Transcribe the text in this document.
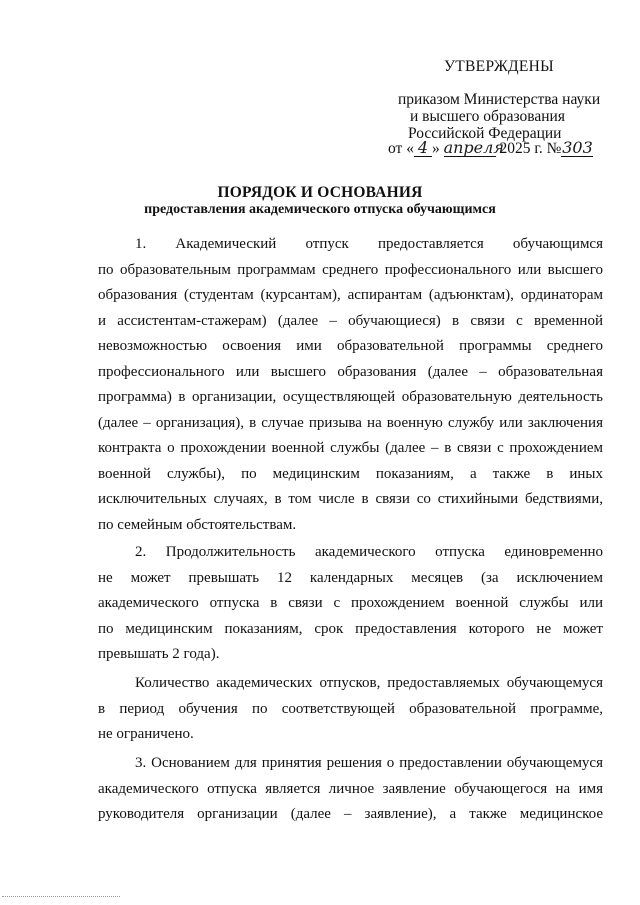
УТВЕРЖДЕНЫ
приказом Министерства науки
и высшего образования
Российской Федерации
от « 4 » апреля 2025 г. №303
ПОРЯДОК И ОСНОВАНИЯ
предоставления академического отпуска обучающимся
1. Академический отпуск предоставляется обучающимся
по образовательным программам среднего профессионального или высшего
образования (студентам (курсантам), аспирантам (адъюнктам), ординаторам
и ассистентам-стажерам) (далее – обучающиеся) в связи с временной
невозможностью освоения ими образовательной программы среднего
профессионального или высшего образования (далее – образовательная
программа) в организации, осуществляющей образовательную деятельность
(далее – организация), в случае призыва на военную службу или заключения
контракта о прохождении военной службы (далее – в связи с прохождением
военной службы), по медицинским показаниям, а также в иных
исключительных случаях, в том числе в связи со стихийными бедствиями,
по семейным обстоятельствам.
2. Продолжительность академического отпуска единовременно
не может превышать 12 календарных месяцев (за исключением
академического отпуска в связи с прохождением военной службы или
по медицинским показаниям, срок предоставления которого не может
превышать 2 года).
Количество академических отпусков, предоставляемых обучающемуся
в период обучения по соответствующей образовательной программе,
не ограничено.
3. Основанием для принятия решения о предоставлении обучающемуся
академического отпуска является личное заявление обучающегося на имя
руководителя организации (далее – заявление), а также медицинское
